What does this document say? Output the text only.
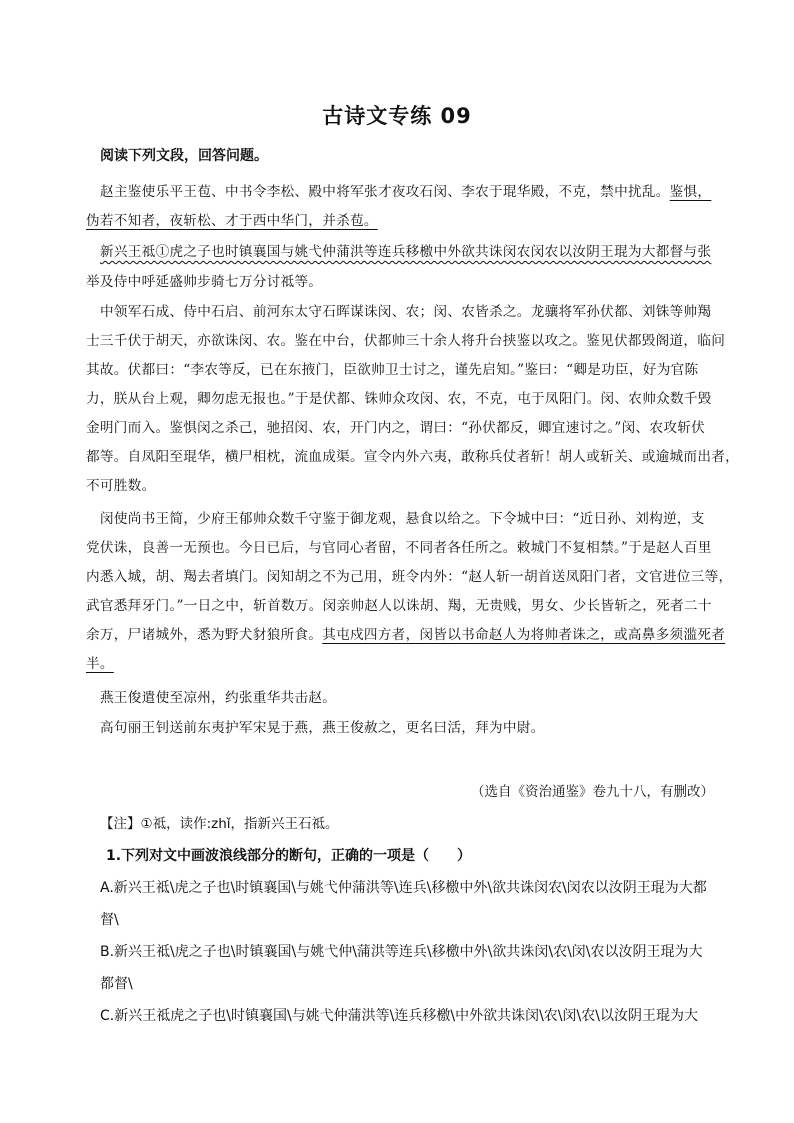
古诗文专练 09
阅读下列文段，回答问题。
赵主鉴使乐平王苞、中书令李松、殿中将军张才夜攻石闵、李农于琨华殿，不克，禁中扰乱。鉴惧，
伪若不知者，夜斩松、才于西中华门，并杀苞。
新兴王祗①虎之子也时镇襄国与姚弋仲蒲洪等连兵移檄中外欲共诛闵农闵农以汝阴王琨为大都督与张
举及侍中呼延盛帅步骑七万分讨祗等。
中领军石成、侍中石启、前河东太守石晖谋诛闵、农；闵、农皆杀之。龙骧将军孙伏都、刘铢等帅羯
士三千伏于胡天，亦欲诛闵、农。鉴在中台，伏都帅三十余人将升台挟鉴以攻之。鉴见伏都毁阁道，临问
其故。伏都曰：“李农等反，已在东掖门，臣欲帅卫士讨之，谨先启知。”鉴曰：“卿是功臣，好为官陈
力，朕从台上观，卿勿虑无报也。”于是伏都、铢帅众攻闵、农，不克，屯于凤阳门。闵、农帅众数千毁
金明门而入。鉴惧闵之杀己，驰招闵、农，开门内之，谓曰：“孙伏都反，卿宜速讨之。”闵、农攻斩伏
都等。自凤阳至琨华，横尸相枕，流血成渠。宣令内外六夷，敢称兵仗者斩！胡人或斩关、或逾城而出者，
不可胜数。
闵使尚书王简，少府王郁帅众数千守鉴于御龙观，悬食以给之。下令城中曰：“近日孙、刘构逆，支
党伏诛，良善一无预也。今日已后，与官同心者留，不同者各任所之。敕城门不复相禁。”于是赵人百里
内悉入城，胡、羯去者填门。闵知胡之不为己用，班令内外：“赵人斩一胡首送凤阳门者，文官进位三等，
武官悉拜牙门。”一日之中，斩首数万。闵亲帅赵人以诛胡、羯，无贵贱，男女、少长皆斩之，死者二十
余万，尸诸城外，悉为野犬豺狼所食。其屯戍四方者，闵皆以书命赵人为将帅者诛之，或高鼻多须滥死者
半。
燕王俊遣使至凉州，约张重华共击赵。
高句丽王钊送前东夷护军宋晃于燕，燕王俊赦之，更名曰活，拜为中尉。
（选自《资治通鉴》卷九十八，有删改）
【注】①祗，读作:zhǐ，指新兴王石祗。
1.下列对文中画波浪线部分的断句，正确的一项是（　　）
A.新兴王祗\虎之子也\时镇襄国\与姚弋仲蒲洪等\连兵\移檄中外\欲共诛闵农\闵农以汝阴王琨为大都
督\
B.新兴王祗\虎之子也\时镇襄国\与姚弋仲\蒲洪等连兵\移檄中外\欲共诛闵\农\闵\农以汝阴王琨为大
都督\
C.新兴王祗虎之子也\时镇襄国\与姚弋仲蒲洪等\连兵移檄\中外欲共诛闵\农\闵\农\以汝阴王琨为大
